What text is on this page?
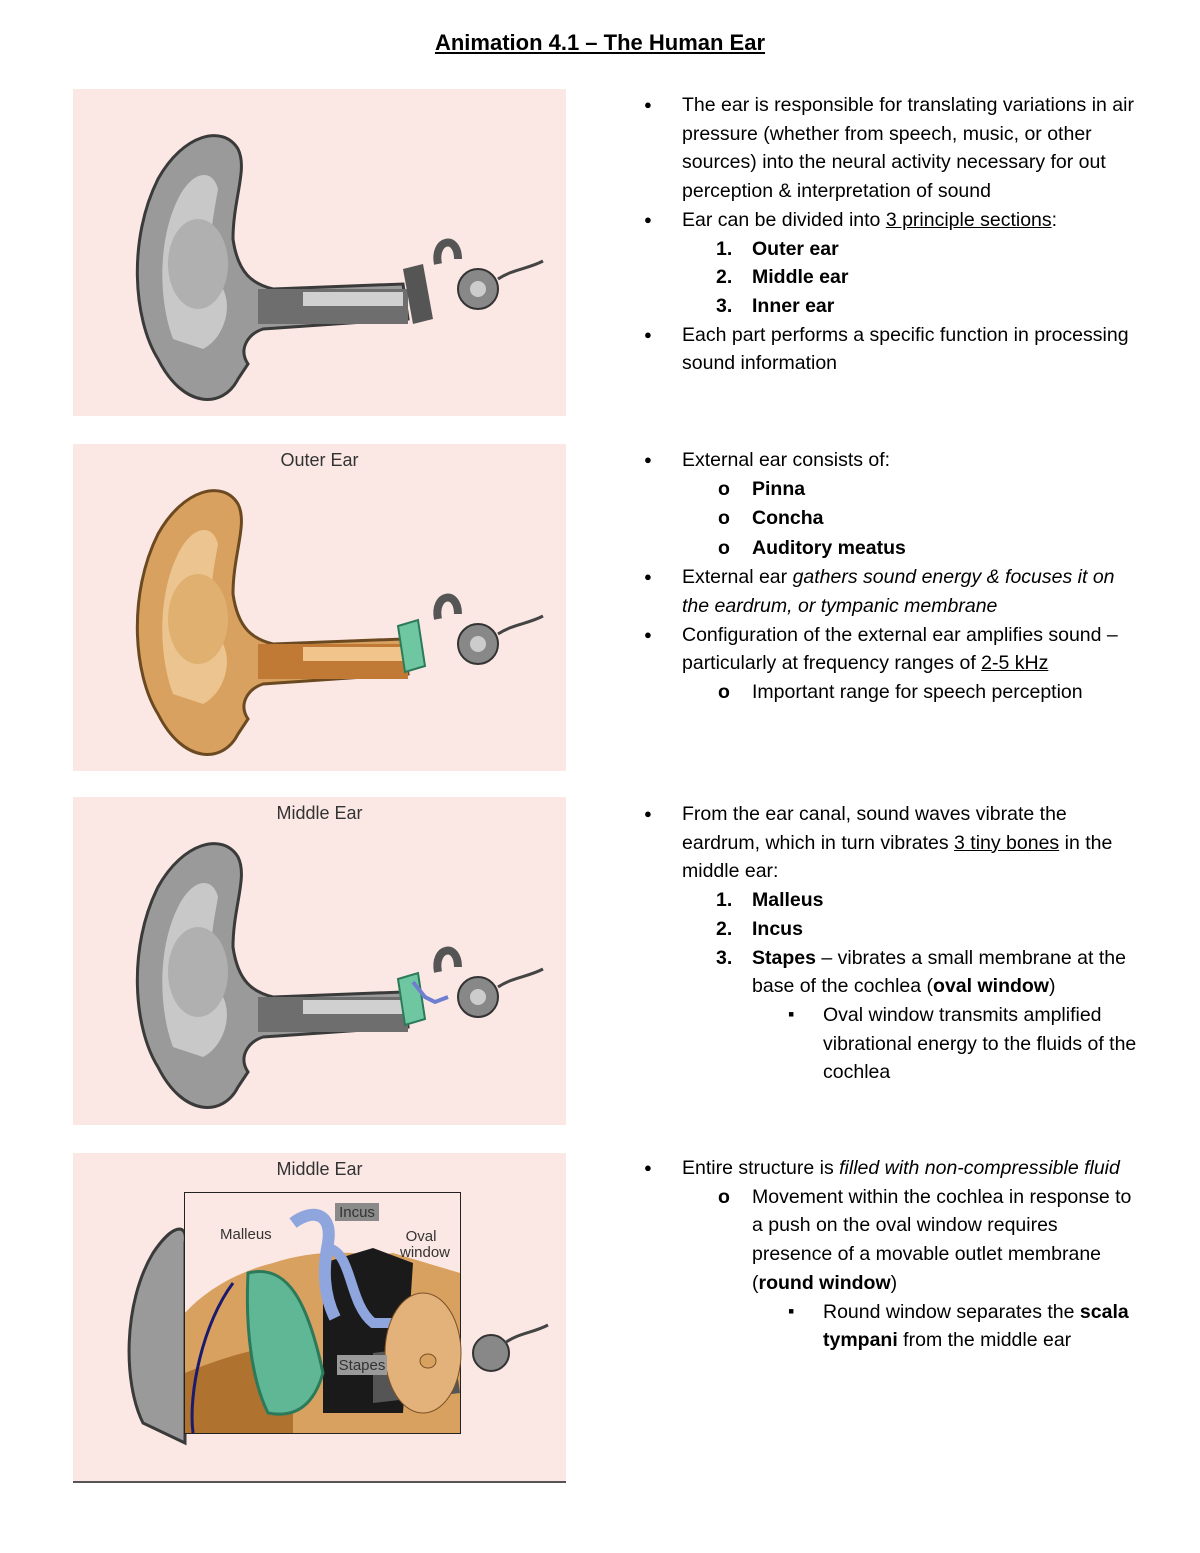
Animation 4.1 – The Human Ear
Outer Ear
Middle Ear
Incus
Malleus	Oval
window
Stapes
Middle Ear
● The ear is responsible for translating variations in air pressure (whether from speech, music, or other sources) into the neural activity necessary for out perception & interpretation of sound
● Ear can be divided into 3 principle sections:
1. Outer ear
2. Middle ear
3. Inner ear
● Each part performs a specific function in processing sound information
● External ear consists of:
o Pinna
o Concha
o Auditory meatus
● External ear gathers sound energy & focuses it on the eardrum, or tympanic membrane
● Configuration of the external ear amplifies sound – particularly at frequency ranges of 2-5 kHz
o Important range for speech perception
● From the ear canal, sound waves vibrate the eardrum, which in turn vibrates 3 tiny bones in the middle ear:
1. Malleus
2. Incus
3. Stapes – vibrates a small membrane at the base of the cochlea (oval window)
▪ Oval window transmits amplified vibrational energy to the fluids of the cochlea
● Entire structure is filled with non-compressible fluid
o Movement within the cochlea in response to a push on the oval window requires presence of a movable outlet membrane (round window)
▪ Round window separates the scala tympani from the middle ear
